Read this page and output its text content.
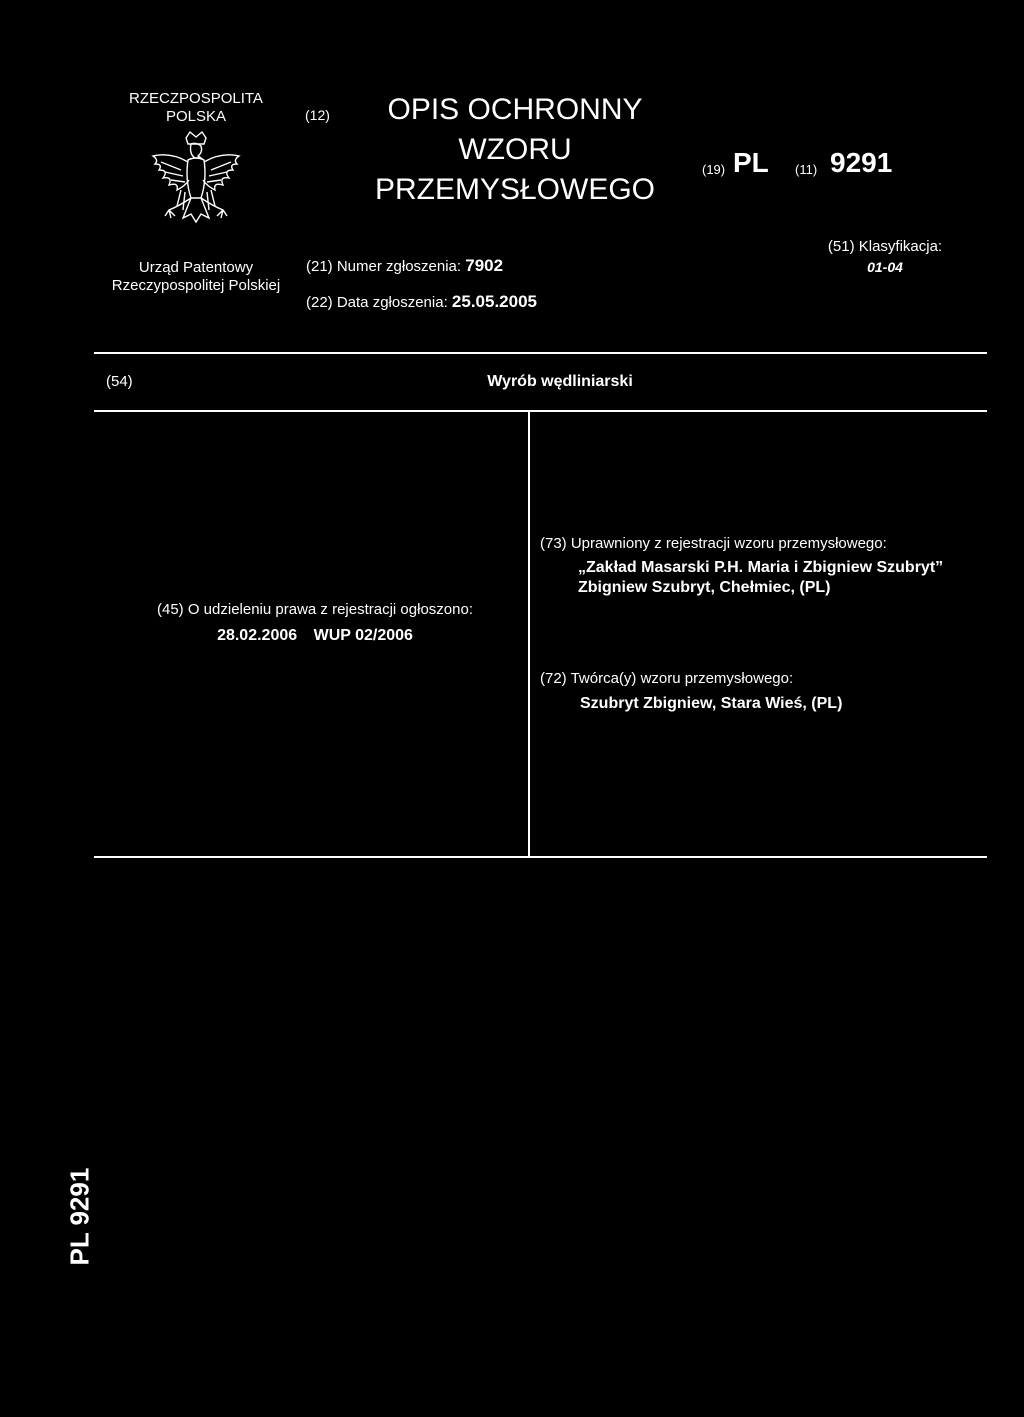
RZECZPOSPOLITA
POLSKA
Urząd Patentowy
Rzeczypospolitej Polskiej
(12)	OPIS OCHRONNY
WZORU
PRZEMYSŁOWEGO
(19) PL (11) 9291
(21) Numer zgłoszenia: 7902
(22) Data zgłoszenia: 25.05.2005
(51) Klasyfikacja:
01-04
(54)	Wyrób wędliniarski
(45) O udzieleniu prawa z rejestracji ogłoszono:
28.02.2006 WUP 02/2006
(73) Uprawniony z rejestracji wzoru przemysłowego:
„Zakład Masarski P.H. Maria i Zbigniew Szubryt”
Zbigniew Szubryt, Chełmiec, (PL)
(72) Twórca(y) wzoru przemysłowego:
Szubryt Zbigniew, Stara Wieś, (PL)
PL 9291
